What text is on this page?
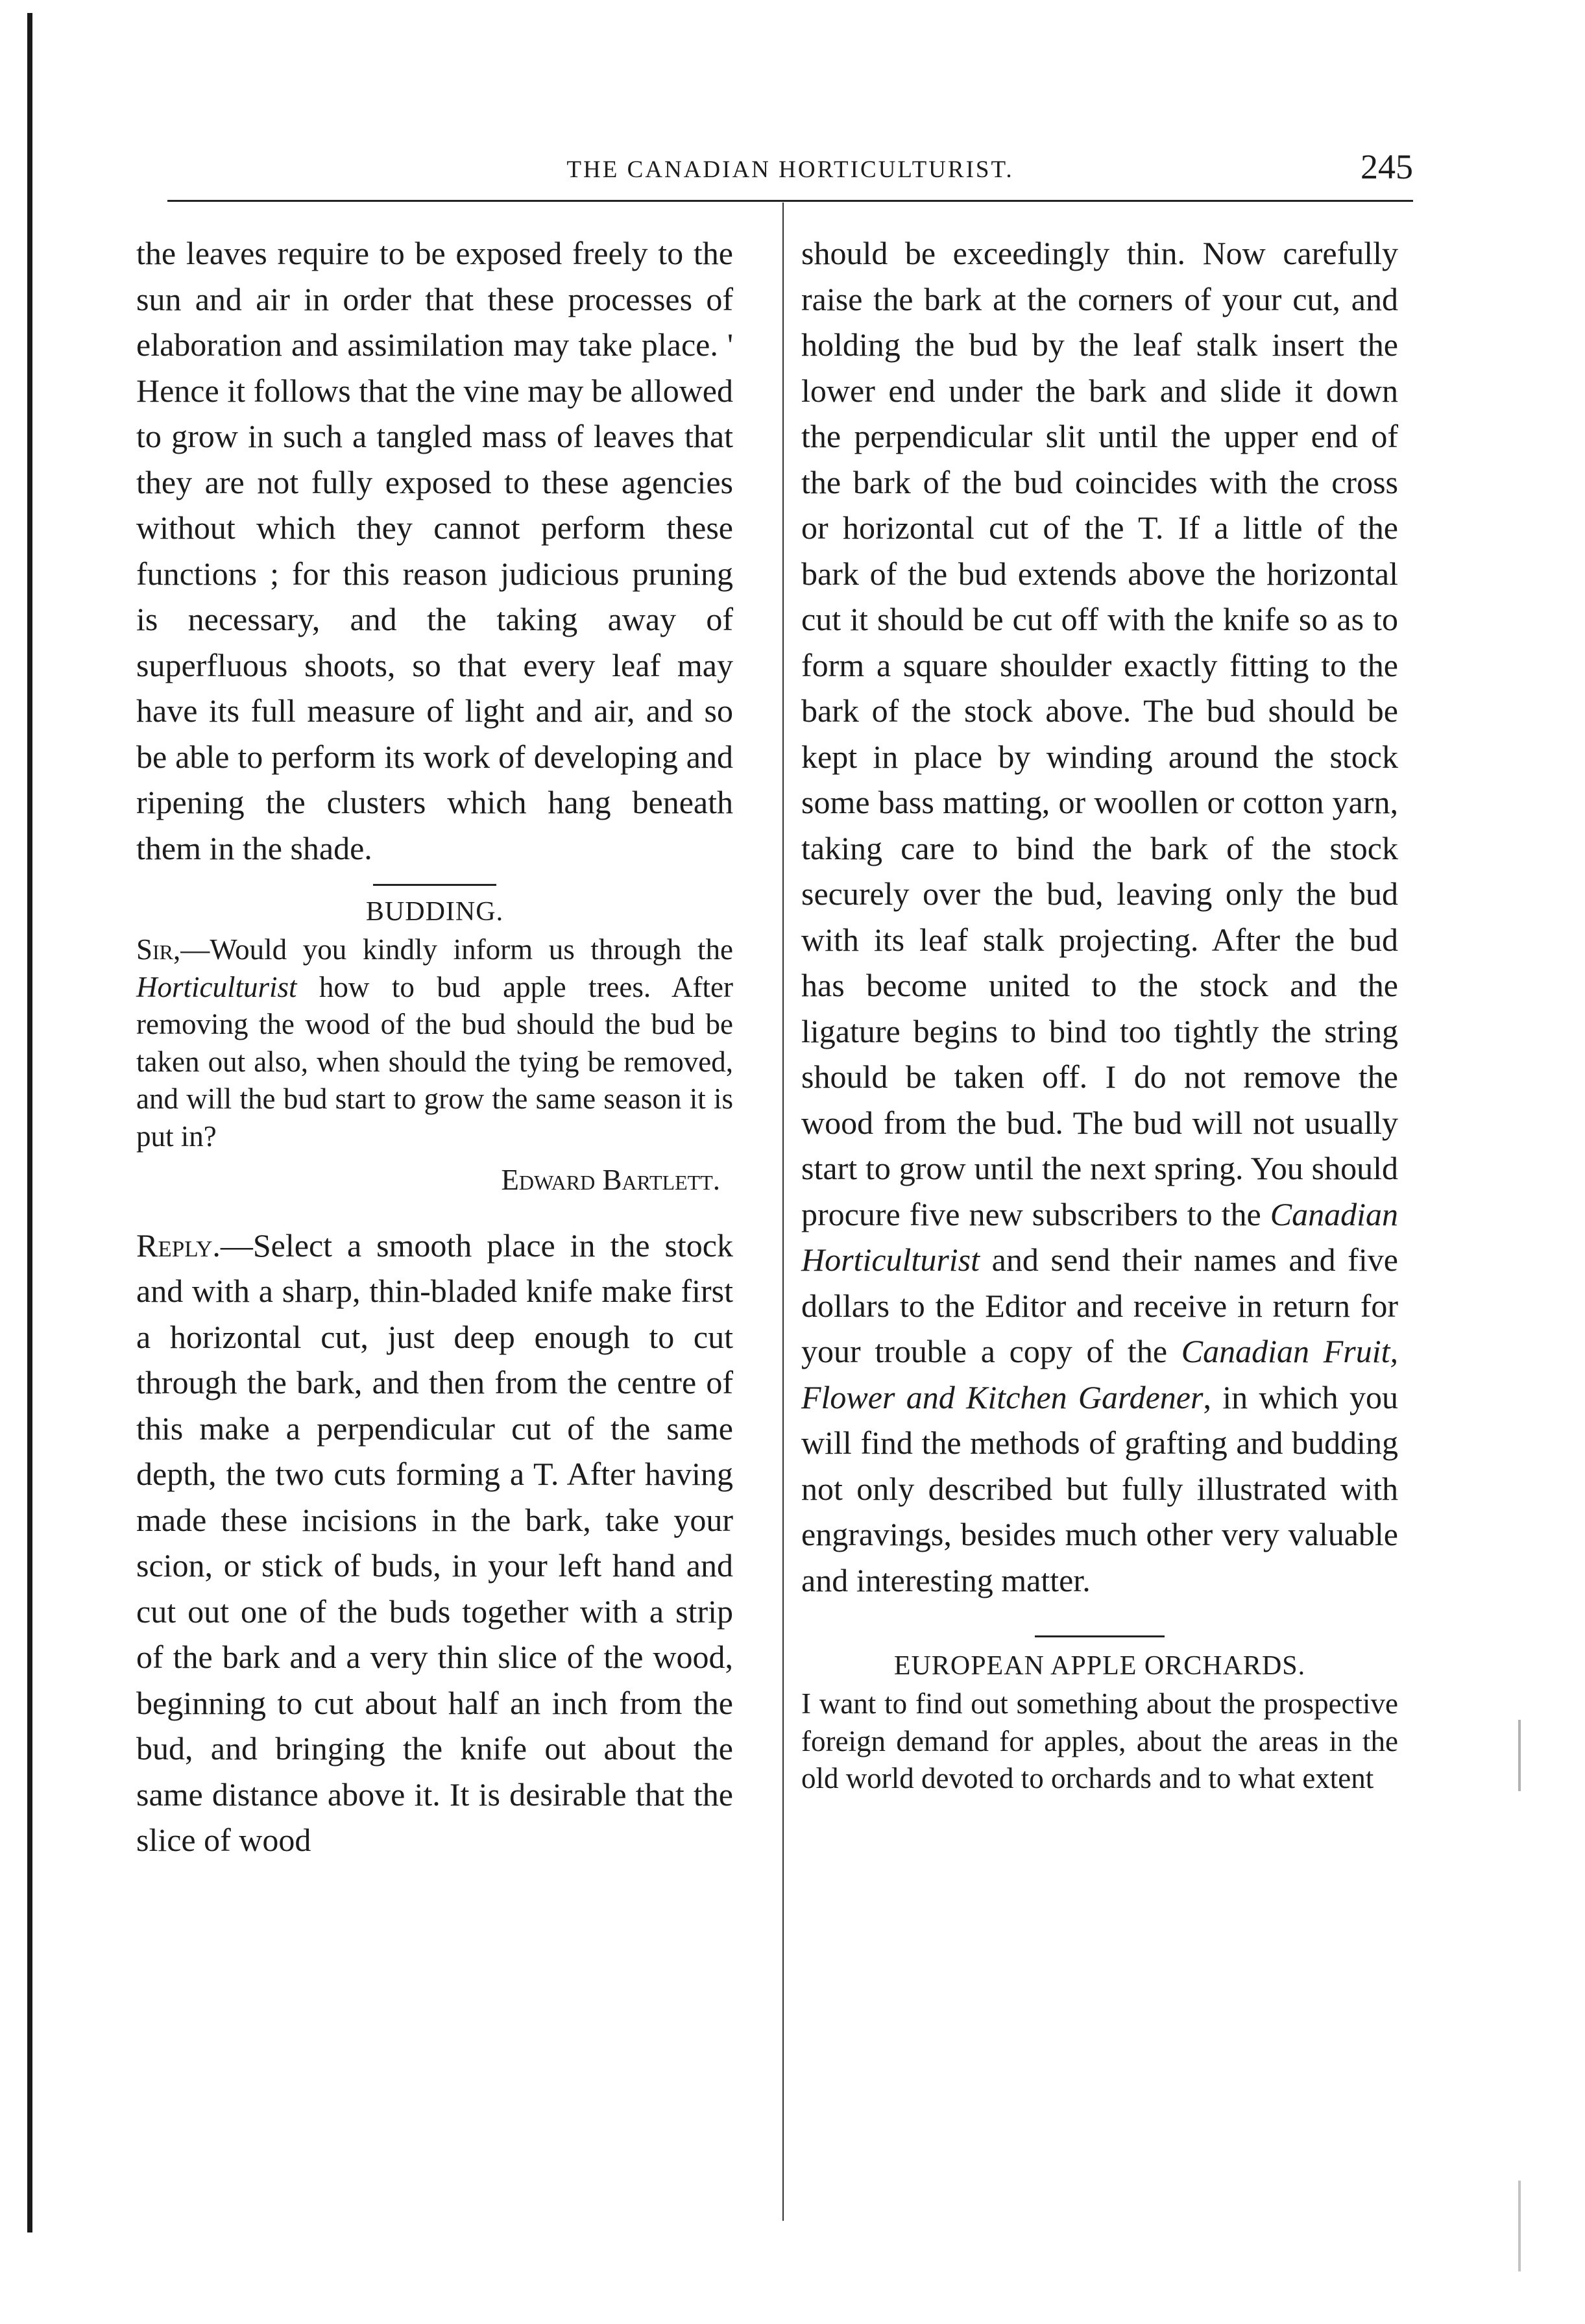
THE CANADIAN HORTICULTURIST.	245

the leaves require to be exposed freely to the sun and air in order that these processes of elaboration and assimilation may take place. ' Hence it follows that the vine may be allowed to grow in such a tangled mass of leaves that they are not fully exposed to these agencies without which they cannot perform these functions ; for this reason judicious pruning is necessary, and the taking away of superfluous shoots, so that every leaf may have its full measure of light and air, and so be able to perform its work of developing and ripening the clusters which hang beneath them in the shade.

BUDDING.

Sir,—Would you kindly inform us through the Horticulturist how to bud apple trees. After removing the wood of the bud should the bud be taken out also, when should the tying be removed, and will the bud start to grow the same season it is put in?

Edward Bartlett.

Reply.—Select a smooth place in the stock and with a sharp, thin-bladed knife make first a horizontal cut, just deep enough to cut through the bark, and then from the centre of this make a perpendicular cut of the same depth, the two cuts forming a T. After having made these incisions in the bark, take your scion, or stick of buds, in your left hand and cut out one of the buds together with a strip of the bark and a very thin slice of the wood, beginning to cut about half an inch from the bud, and bringing the knife out about the same distance above it. It is desirable that the slice of wood

should be exceedingly thin. Now carefully raise the bark at the corners of your cut, and holding the bud by the leaf stalk insert the lower end under the bark and slide it down the perpendicular slit until the upper end of the bark of the bud coincides with the cross or horizontal cut of the T. If a little of the bark of the bud extends above the horizontal cut it should be cut off with the knife so as to form a square shoulder exactly fitting to the bark of the stock above. The bud should be kept in place by winding around the stock some bass matting, or woollen or cotton yarn, taking care to bind the bark of the stock securely over the bud, leaving only the bud with its leaf stalk projecting. After the bud has become united to the stock and the ligature begins to bind too tightly the string should be taken off. I do not remove the wood from the bud. The bud will not usually start to grow until the next spring. You should procure five new subscribers to the Canadian Horticulturist and send their names and five dollars to the Editor and receive in return for your trouble a copy of the Canadian Fruit, Flower and Kitchen Gardener, in which you will find the methods of grafting and budding not only described but fully illustrated with engravings, besides much other very valuable and interesting matter.

EUROPEAN APPLE ORCHARDS.

I want to find out something about the prospective foreign demand for apples, about the areas in the old world devoted to orchards and to what extent
